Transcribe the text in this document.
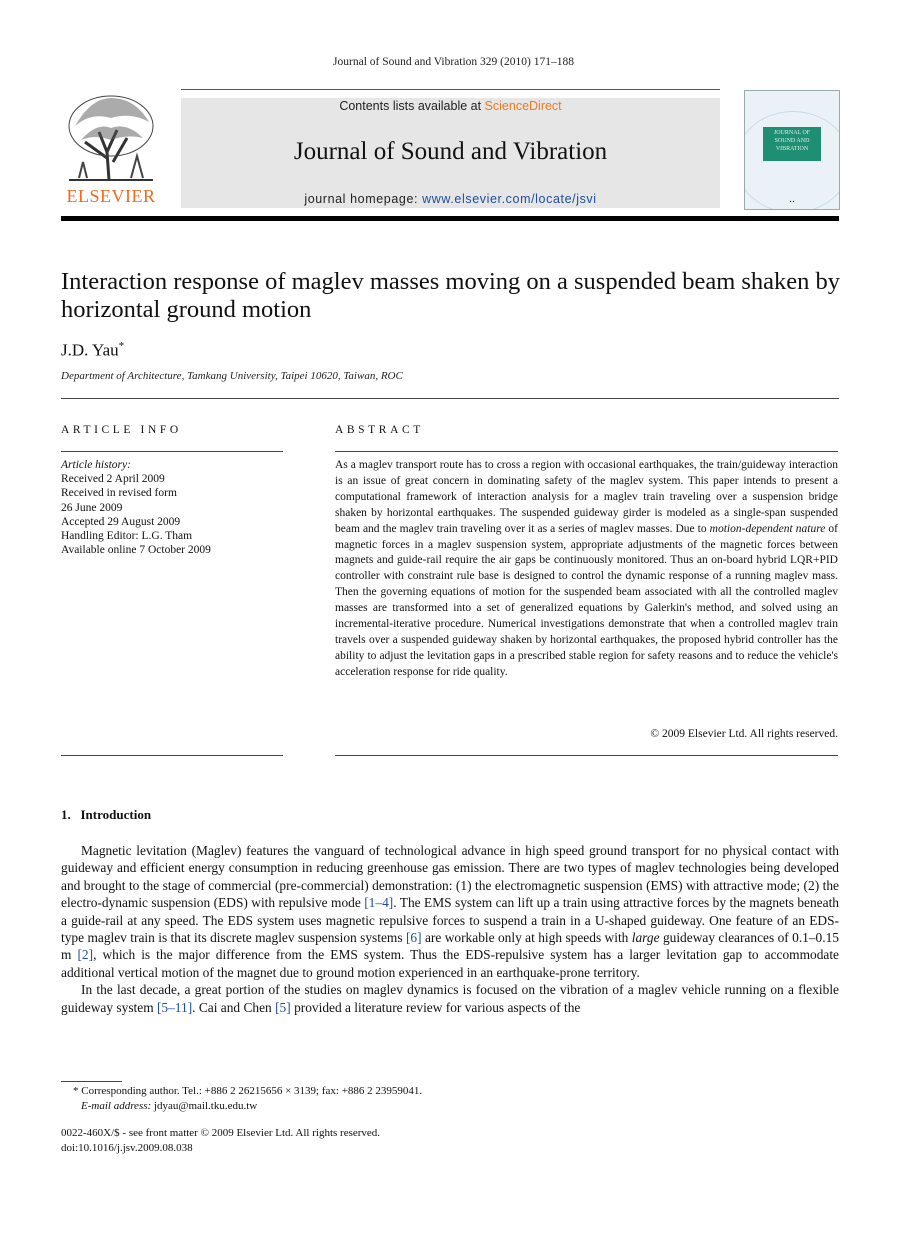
Journal of Sound and Vibration 329 (2010) 171–188
ELSEVIER
Contents lists available at ScienceDirect
Journal of Sound and Vibration
journal homepage: www.elsevier.com/locate/jsvi
JOURNAL OF SOUND AND VIBRATION
▪ ▪
Interaction response of maglev masses moving on a suspended beam shaken by horizontal ground motion
J.D. Yau*
Department of Architecture, Tamkang University, Taipei 10620, Taiwan, ROC
ARTICLE INFO
Article history:
Received 2 April 2009
Received in revised form
26 June 2009
Accepted 29 August 2009
Handling Editor: L.G. Tham
Available online 7 October 2009
ABSTRACT
As a maglev transport route has to cross a region with occasional earthquakes, the train/guideway interaction is an issue of great concern in dominating safety of the maglev system. This paper intends to present a computational framework of interaction analysis for a maglev train traveling over a suspension bridge shaken by horizontal earthquakes. The suspended guideway girder is modeled as a single-span suspended beam and the maglev train traveling over it as a series of maglev masses. Due to motion-dependent nature of magnetic forces in a maglev suspension system, appropriate adjustments of the magnetic forces between magnets and guide-rail require the air gaps be continuously monitored. Thus an on-board hybrid LQR+PID controller with constraint rule base is designed to control the dynamic response of a running maglev mass. Then the governing equations of motion for the suspended beam associated with all the controlled maglev masses are transformed into a set of generalized equations by Galerkin's method, and solved using an incremental-iterative procedure. Numerical investigations demonstrate that when a controlled maglev train travels over a suspended guideway shaken by horizontal earthquakes, the proposed hybrid controller has the ability to adjust the levitation gaps in a prescribed stable region for safety reasons and to reduce the vehicle's acceleration response for ride quality.
© 2009 Elsevier Ltd. All rights reserved.
1. Introduction

Magnetic levitation (Maglev) features the vanguard of technological advance in high speed ground transport for no physical contact with guideway and efficient energy consumption in reducing greenhouse gas emission. There are two types of maglev technologies being developed and brought to the stage of commercial (pre-commercial) demonstration: (1) the electromagnetic suspension (EMS) with attractive mode; (2) the electro-dynamic suspension (EDS) with repulsive mode [1–4]. The EMS system can lift up a train using attractive forces by the magnets beneath a guide-rail at any speed. The EDS system uses magnetic repulsive forces to suspend a train in a U-shaped guideway. One feature of an EDS-type maglev train is that its discrete maglev suspension systems [6] are workable only at high speeds with large guideway clearances of 0.1–0.15 m [2], which is the major difference from the EMS system. Thus the EDS-repulsive system has a larger levitation gap to accommodate additional vertical motion of the magnet due to ground motion experienced in an earthquake-prone territory.

In the last decade, a great portion of the studies on maglev dynamics is focused on the vibration of a maglev vehicle running on a flexible guideway system [5–11]. Cai and Chen [5] provided a literature review for various aspects of the

* Corresponding author. Tel.: +886 2 26215656 × 3139; fax: +886 2 23959041.
E-mail address: jdyau@mail.tku.edu.tw
0022-460X/$ - see front matter © 2009 Elsevier Ltd. All rights reserved.
doi:10.1016/j.jsv.2009.08.038
